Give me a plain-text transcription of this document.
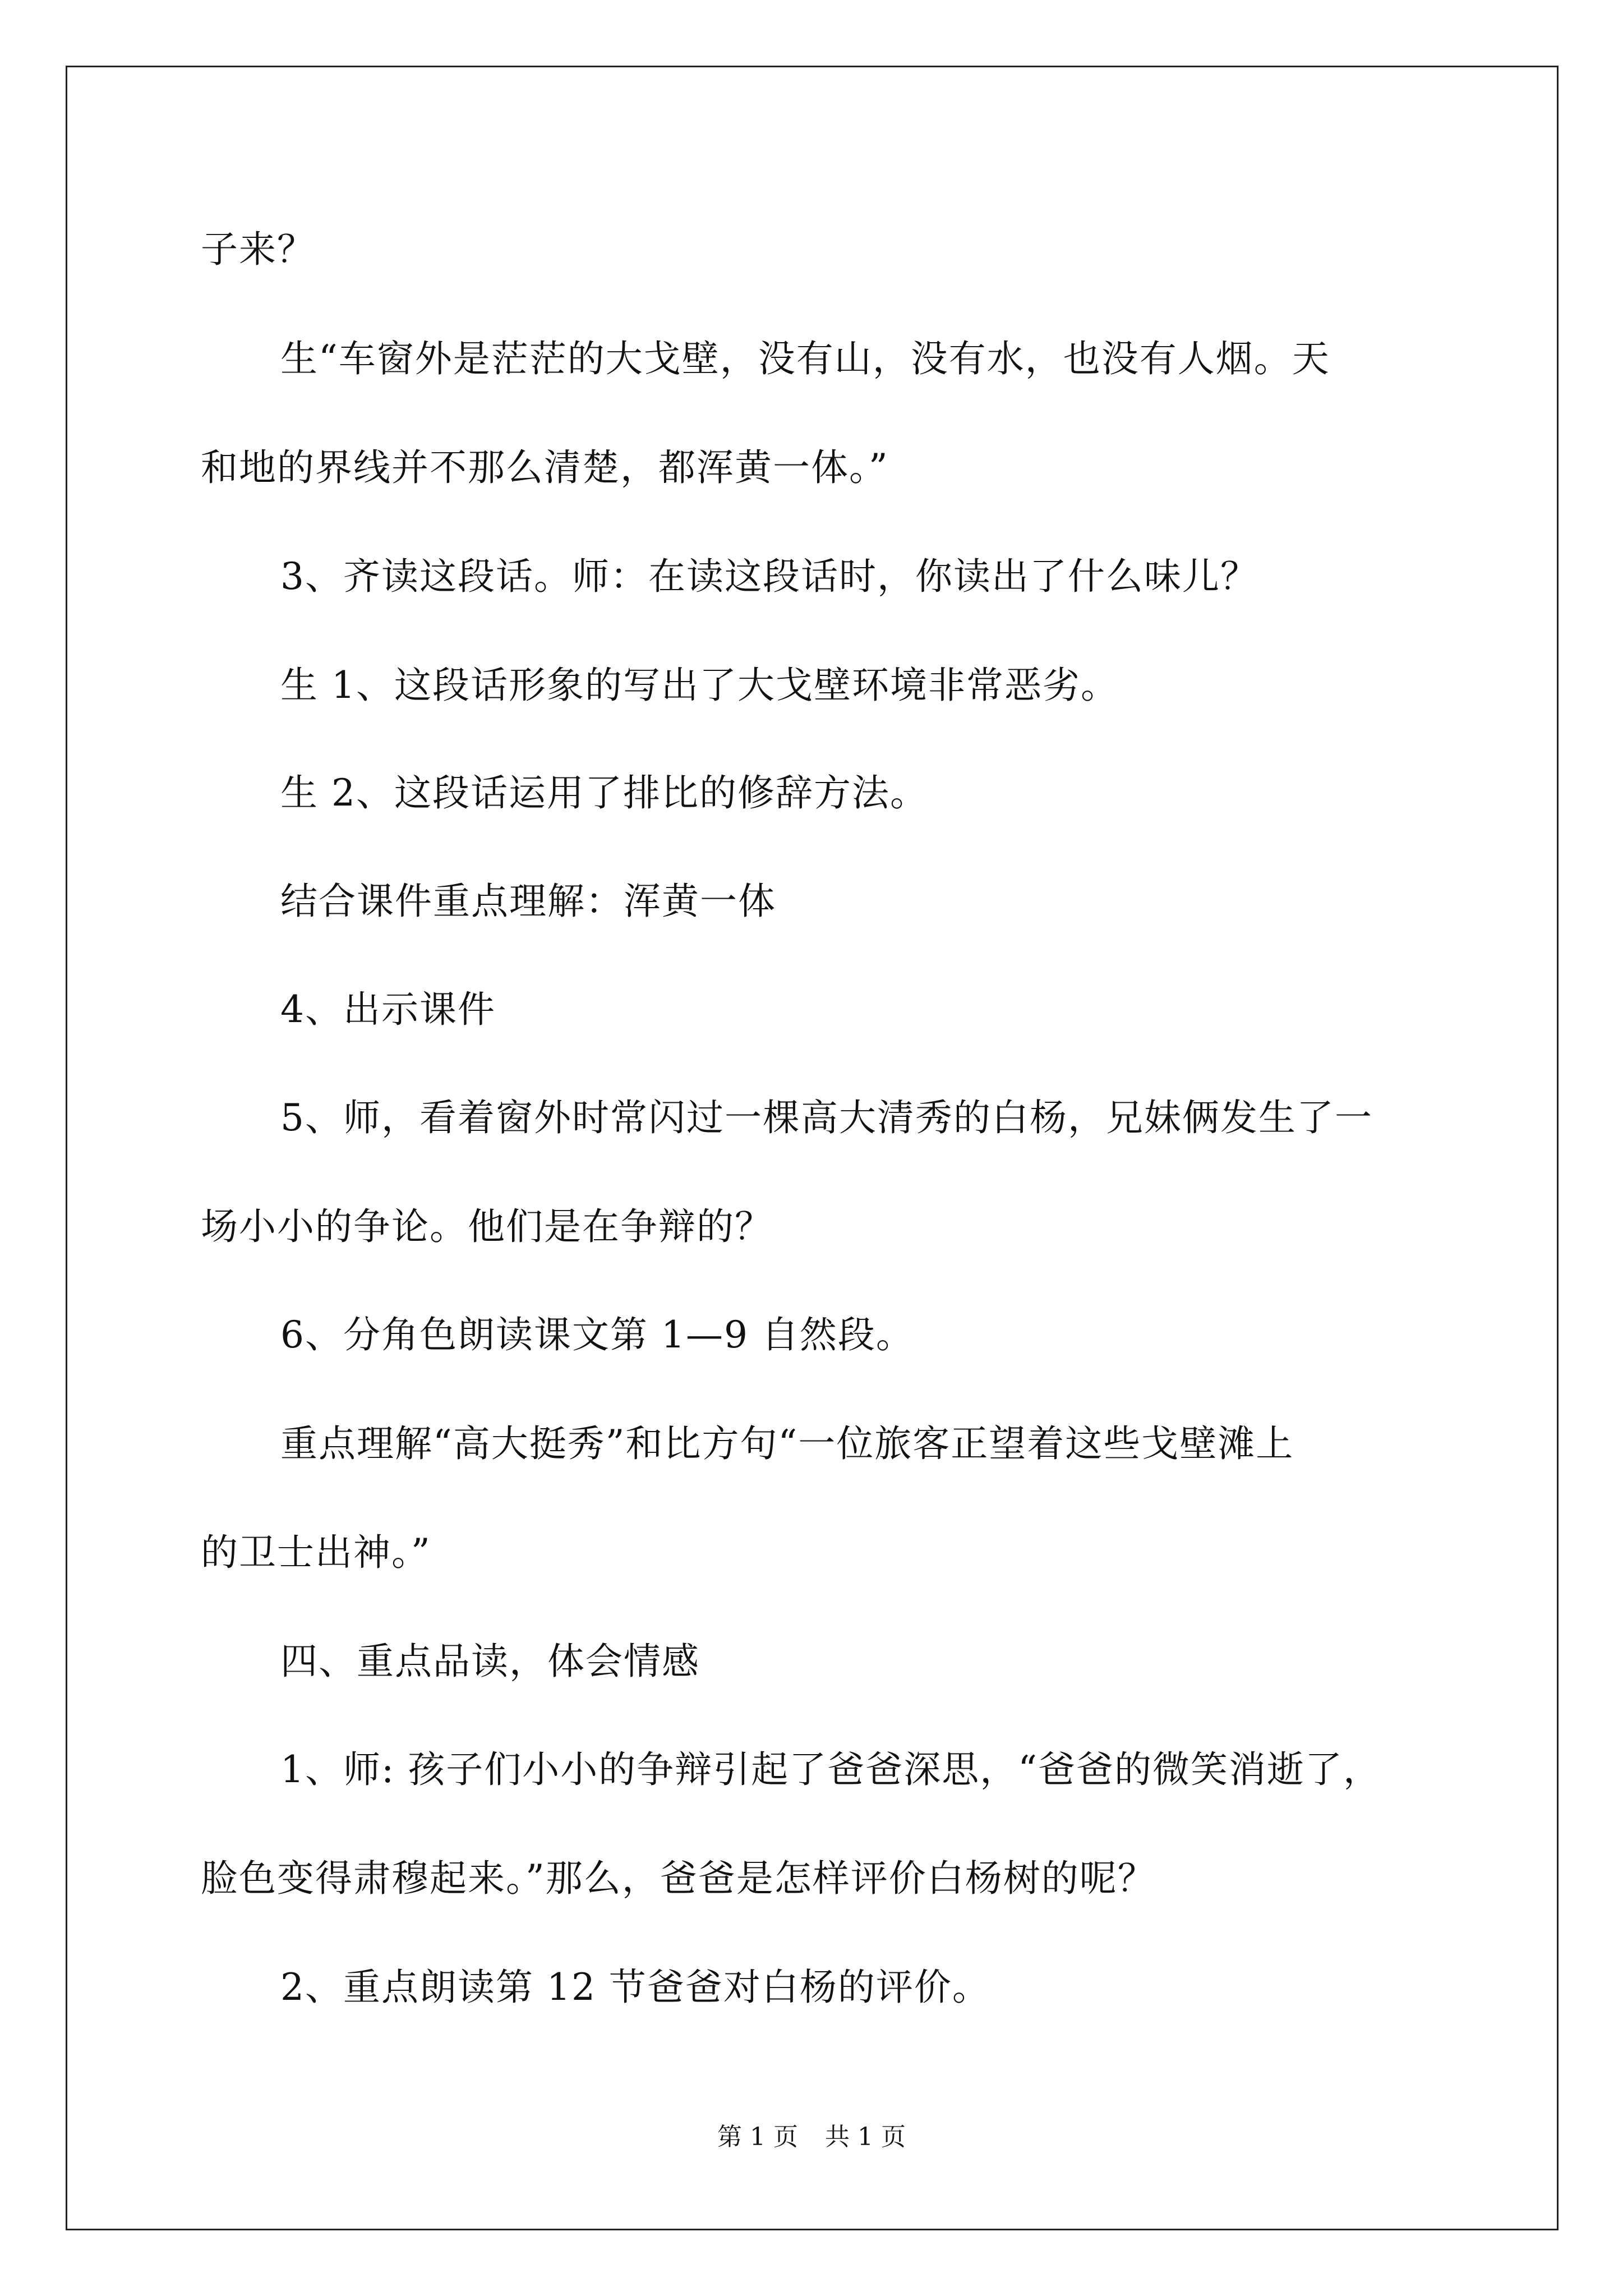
子来？
生“车窗外是茫茫的大戈壁，没有山，没有水，也没有人烟。天
和地的界线并不那么清楚，都浑黄一体。”
3、齐读这段话。师：在读这段话时，你读出了什么味儿？
生 1、这段话形象的写出了大戈壁环境非常恶劣。
生 2、这段话运用了排比的修辞方法。
结合课件重点理解：浑黄一体
4、出示课件
5、师，看着窗外时常闪过一棵高大清秀的白杨，兄妹俩发生了一
场小小的争论。他们是在争辩的？
6、分角色朗读课文第 1—9 自然段。
重点理解“高大挺秀”和比方句“一位旅客正望着这些戈壁滩上
的卫士出神。”
四、重点品读，体会情感
1、师: 孩子们小小的争辩引起了爸爸深思，“爸爸的微笑消逝了，
脸色变得肃穆起来。”那么，爸爸是怎样评价白杨树的呢？
2、重点朗读第 12 节爸爸对白杨的评价。
第 1 页 共 1 页
